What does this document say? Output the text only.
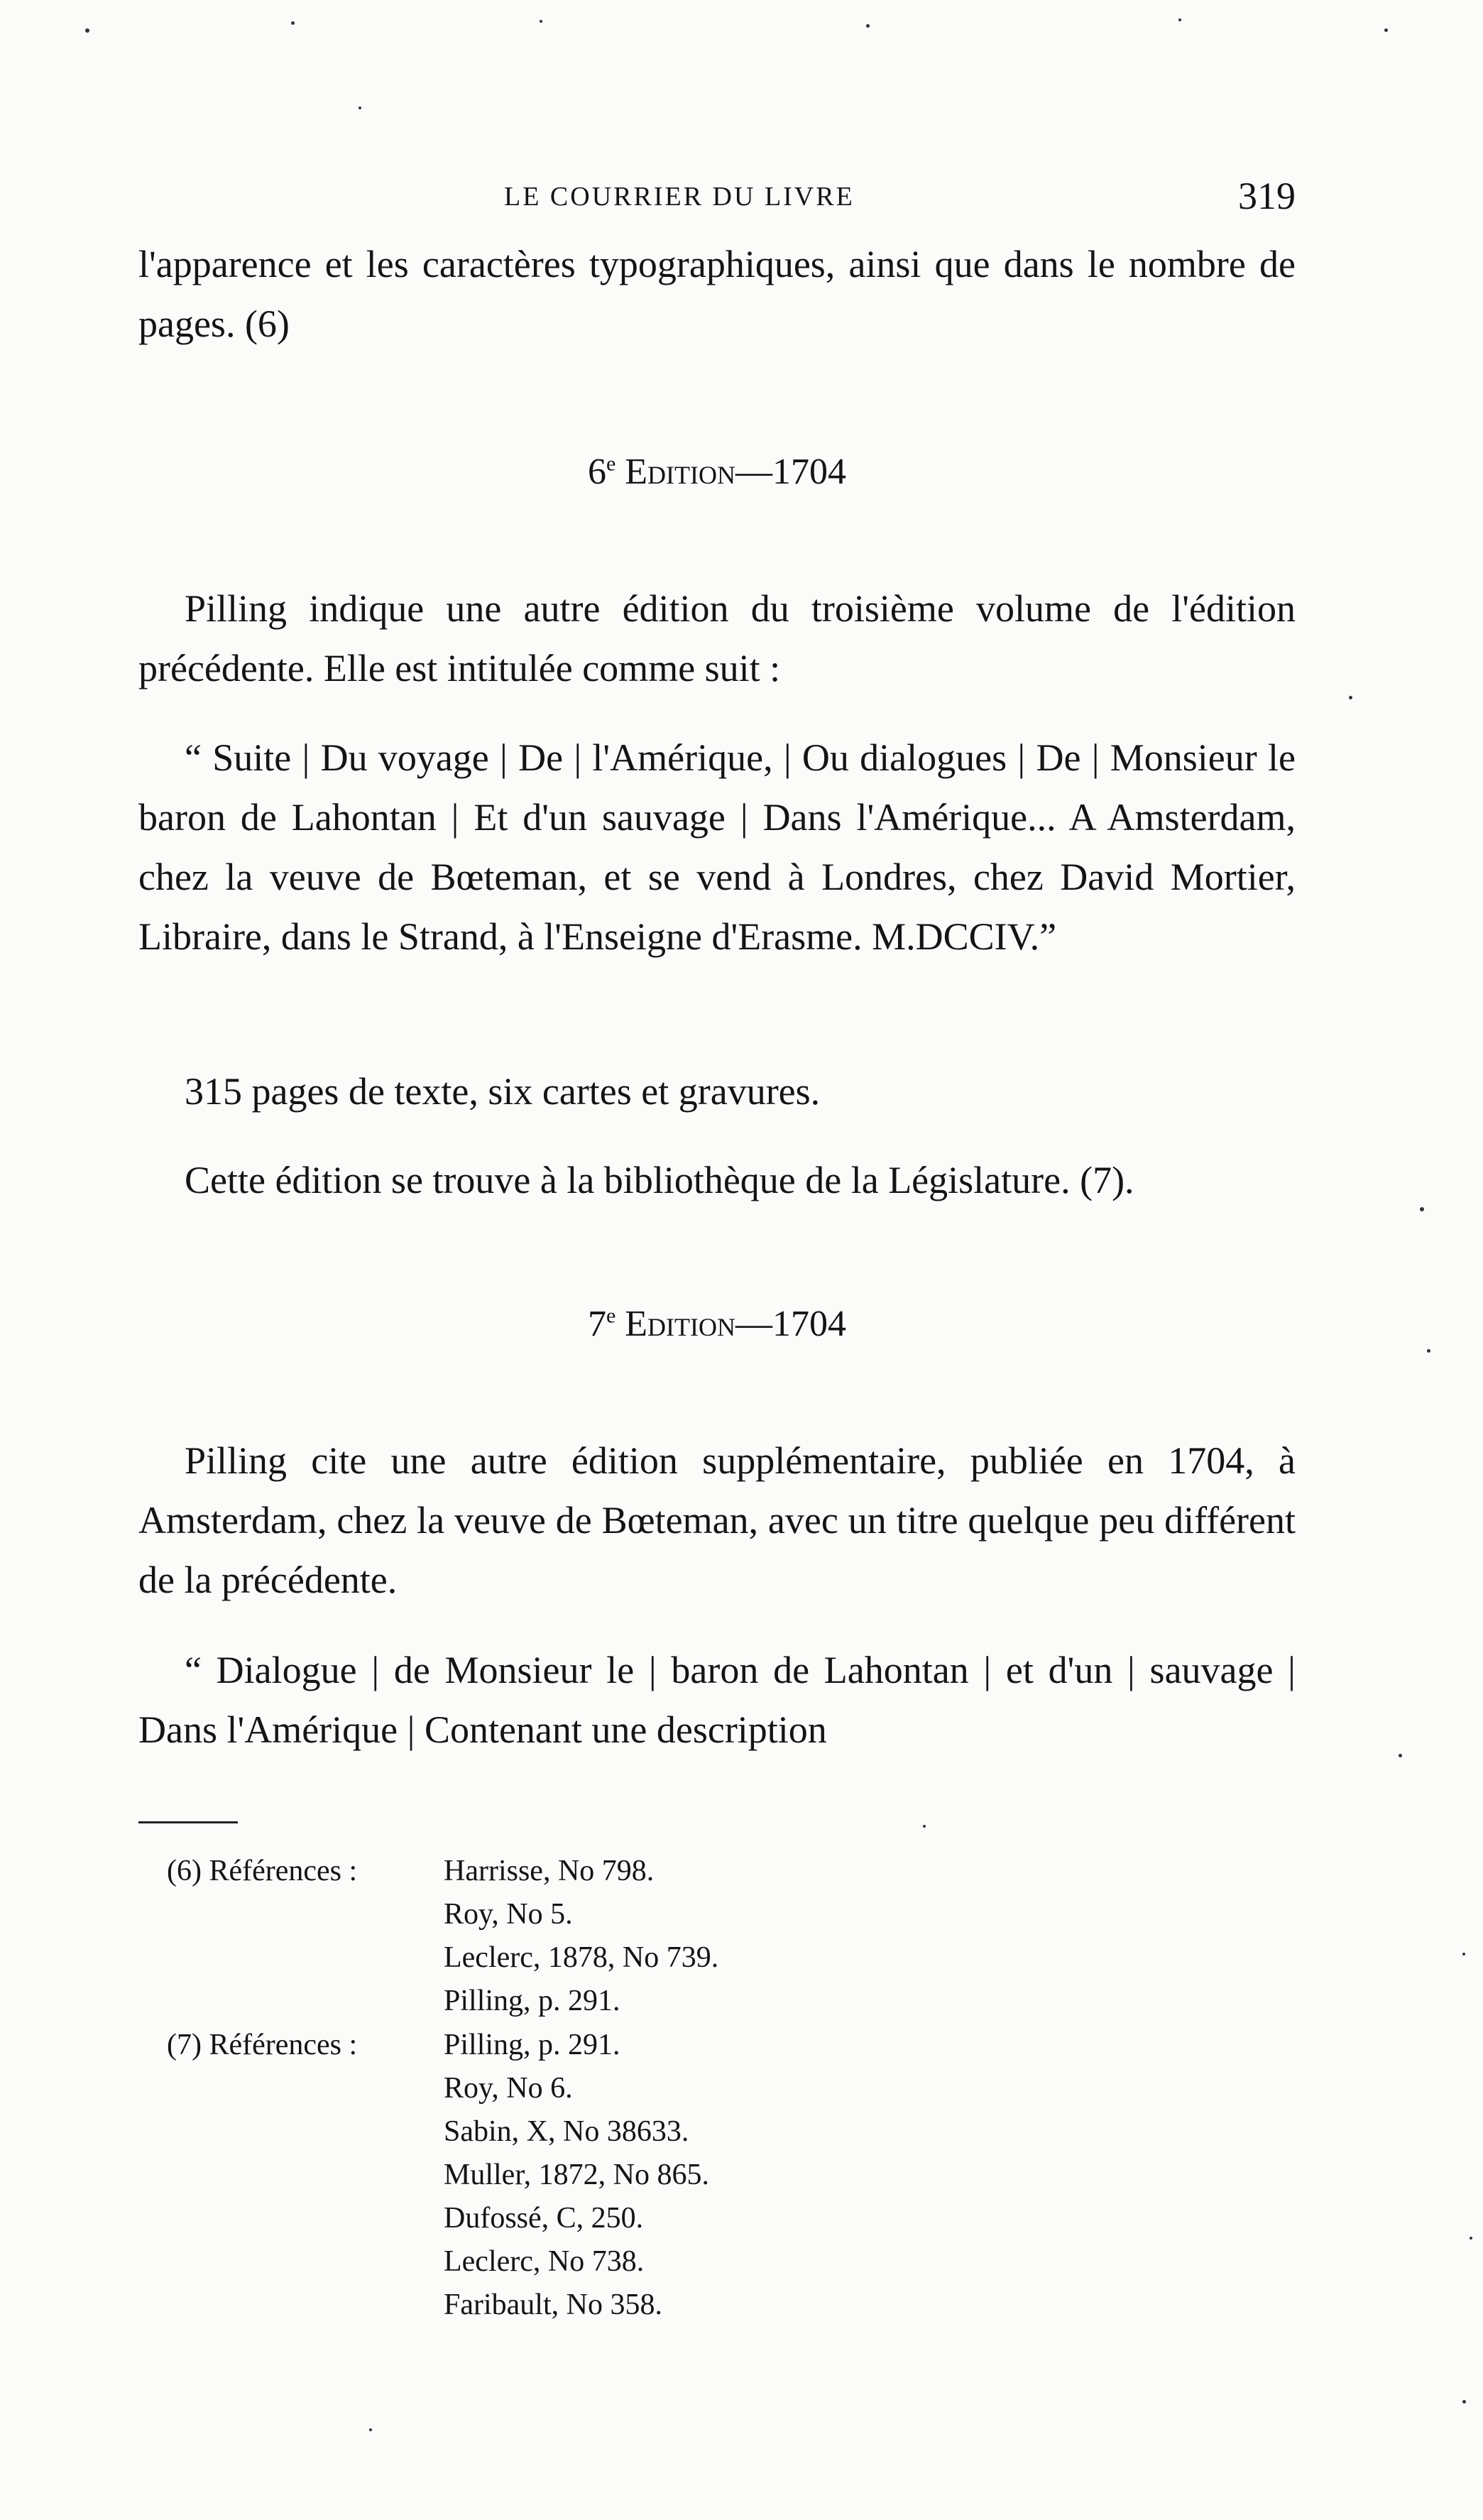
LE COURRIER DU LIVRE	319

l'apparence et les caractères typographiques, ainsi que dans le nombre de pages. (6)

6e Edition—1704

Pilling indique une autre édition du troisième volume de l'édition précédente. Elle est intitulée comme suit :

“ Suite | Du voyage | De | l'Amérique, | Ou dialogues | De | Monsieur le baron de Lahontan | Et d'un sauvage | Dans l'Amérique... A Amsterdam, chez la veuve de Bœteman, et se vend à Londres, chez David Mortier, Libraire, dans le Strand, à l'Enseigne d'Erasme. M.DCCIV.”

315 pages de texte, six cartes et gravures.

Cette édition se trouve à la bibliothèque de la Législature. (7).

7e Edition—1704

Pilling cite une autre édition supplémentaire, publiée en 1704, à Amsterdam, chez la veuve de Bœteman, avec un titre quelque peu différent de la précédente.

“ Dialogue | de Monsieur le | baron de Lahontan | et d'un | sauvage | Dans l'Amérique | Contenant une description

(6) Références :	Harrisse, No 798.
Roy, No 5.
Leclerc, 1878, No 739.
Pilling, p. 291.
(7) Références :	Pilling, p. 291.
Roy, No 6.
Sabin, X, No 38633.
Muller, 1872, No 865.
Dufossé, C, 250.
Leclerc, No 738.
Faribault, No 358.
